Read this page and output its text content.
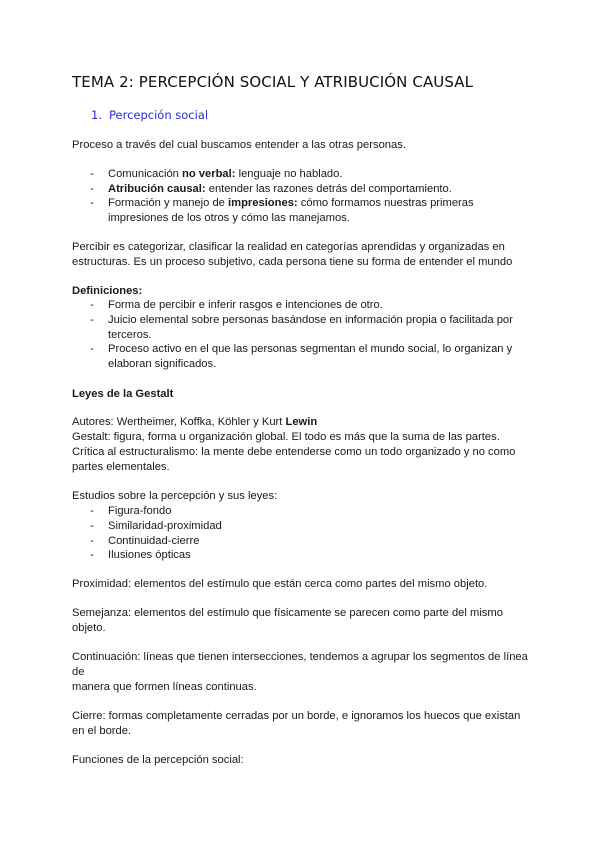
TEMA 2: PERCEPCIÓN SOCIAL Y ATRIBUCIÓN CAUSAL
1. Percepción social
Proceso a través del cual buscamos entender a las otras personas.
-	Comunicación no verbal: lenguaje no hablado.
-	Atribución causal: entender las razones detrás del comportamiento.
-	Formación y manejo de impresiones: cómo formamos nuestras primeras impresiones de los otros y cómo las manejamos.
Percibir es categorizar, clasificar la realidad en categorías aprendidas y organizadas en estructuras. Es un proceso subjetivo, cada persona tiene su forma de entender el mundo
Definiciones:
-	Forma de percibir e inferir rasgos e intenciones de otro.
-	Juicio elemental sobre personas basándose en información propia o facilitada por terceros.
-	Proceso activo en el que las personas segmentan el mundo social, lo organizan y elaboran significados.
Leyes de la Gestalt
Autores: Wertheimer, Koffka, Köhler y Kurt Lewin
Gestalt: figura, forma u organización global. El todo es más que la suma de las partes.
Crítica al estructuralismo: la mente debe entenderse como un todo organizado y no como partes elementales.
Estudios sobre la percepción y sus leyes:
-	Figura-fondo
-	Similaridad-proximidad
-	Continuidad-cierre
-	Ilusiones ópticas
Proximidad: elementos del estímulo que están cerca como partes del mismo objeto.
Semejanza: elementos del estímulo que físicamente se parecen como parte del mismo objeto.
Continuación: líneas que tienen intersecciones, tendemos a agrupar los segmentos de línea de
manera que formen líneas continuas.
Cierre: formas completamente cerradas por un borde, e ignoramos los huecos que existan en el borde.
Funciones de la percepción social:
